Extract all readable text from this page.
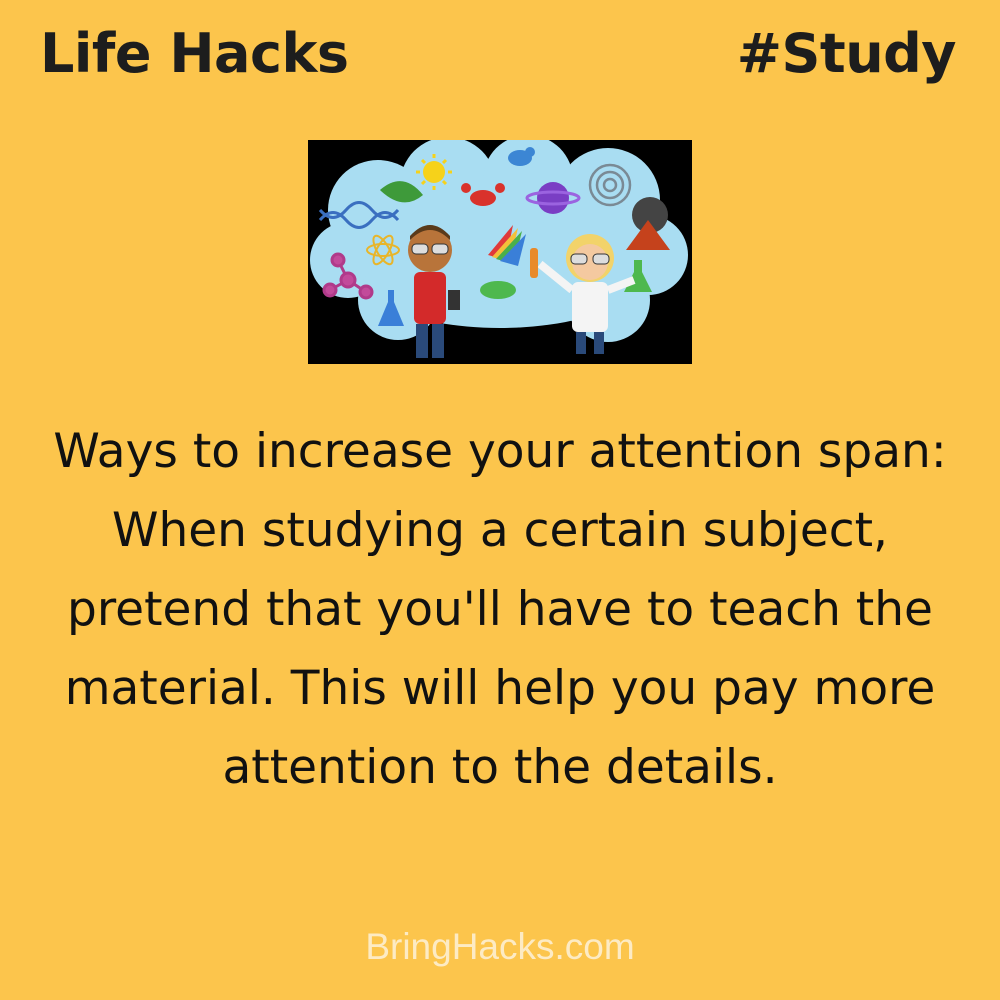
Life Hacks	#Study
Ways to increase your attention span: When studying a certain subject, pretend that you'll have to teach the material. This will help you pay more attention to the details.
BringHacks.com
